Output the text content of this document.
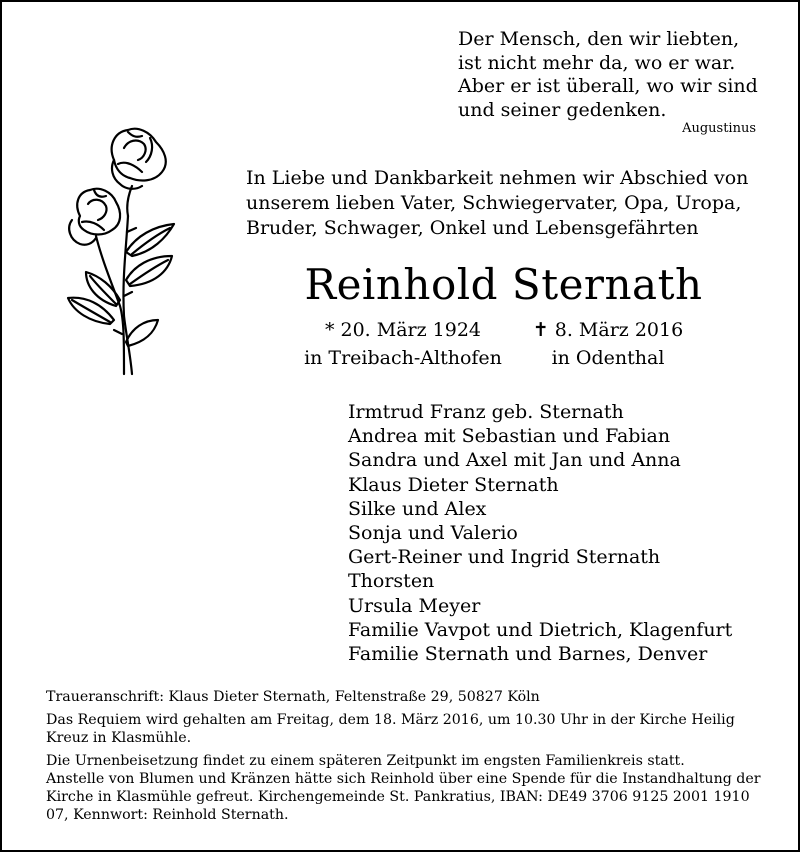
Der Mensch, den wir liebten,
ist nicht mehr da, wo er war.
Aber er ist überall, wo wir sind
und seiner gedenken.
Augustinus
In Liebe und Dankbarkeit nehmen wir Abschied von
unserem lieben Vater, Schwiegervater, Opa, Uropa,
Bruder, Schwager, Onkel und Lebensgefährten
Reinhold Sternath
* 20. März 1924
in Treibach-Althofen
✝ 8. März 2016
in Odenthal
Irmtrud Franz geb. Sternath
Andrea mit Sebastian und Fabian
Sandra und Axel mit Jan und Anna
Klaus Dieter Sternath
Silke und Alex
Sonja und Valerio
Gert-Reiner und Ingrid Sternath
Thorsten
Ursula Meyer
Familie Vavpot und Dietrich, Klagenfurt
Familie Sternath und Barnes, Denver

Traueranschrift: Klaus Dieter Sternath, Feltenstraße 29, 50827 Köln

Das Requiem wird gehalten am Freitag, dem 18. März 2016, um 10.30 Uhr in der Kirche Heilig Kreuz in Klasmühle.

Die Urnenbeisetzung findet zu einem späteren Zeitpunkt im engsten Familienkreis statt.

Anstelle von Blumen und Kränzen hätte sich Reinhold über eine Spende für die Instandhaltung der Kirche in Klasmühle gefreut. Kirchengemeinde St. Pankratius, IBAN: DE49 3706 9125 2001 1910 07, Kennwort: Reinhold Sternath.
